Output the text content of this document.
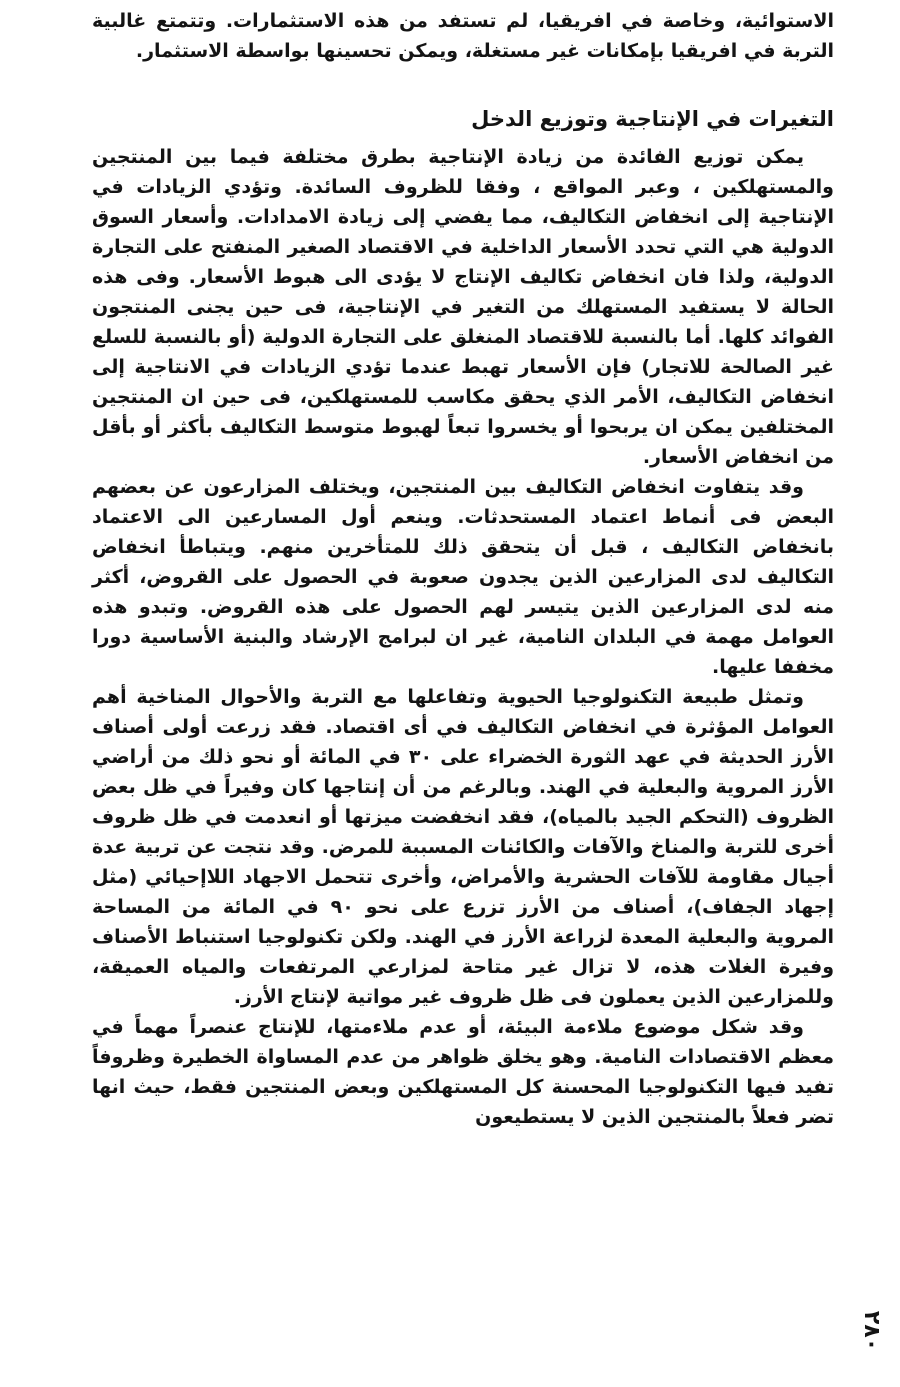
الاستوائية، وخاصة في افريقيا، لم تستفد من هذه الاستثمارات. وتتمتع غالبية التربة في افريقيا بإمكانات غير مستغلة، ويمكن تحسينها بواسطة الاستثمار.

التغيرات في الإنتاجية وتوزيع الدخل

يمكن توزيع الفائدة من زيادة الإنتاجية بطرق مختلفة فيما بين المنتجين والمستهلكين ، وعبر المواقع ، وفقا للظروف السائدة. وتؤدي الزيادات في الإنتاجية إلى انخفاض التكاليف، مما يفضي إلى زيادة الامدادات. وأسعار السوق الدولية هي التي تحدد الأسعار الداخلية في الاقتصاد الصغير المنفتح على التجارة الدولية، ولذا فان انخفاض تكاليف الإنتاج لا يؤدى الى هبوط الأسعار. وفى هذه الحالة لا يستفيد المستهلك من التغير في الإنتاجية، فى حين يجنى المنتجون الفوائد كلها. أما بالنسبة للاقتصاد المنغلق على التجارة الدولية (أو بالنسبة للسلع غير الصالحة للاتجار) فإن الأسعار تهبط عندما تؤدي الزيادات في الانتاجية إلى انخفاض التكاليف، الأمر الذي يحقق مكاسب للمستهلكين، فى حين ان المنتجين المختلفين يمكن ان يربحوا أو يخسروا تبعاً لهبوط متوسط التكاليف بأكثر أو بأقل من انخفاض الأسعار.

وقد يتفاوت انخفاض التكاليف بين المنتجين، ويختلف المزارعون عن بعضهم البعض فى أنماط اعتماد المستحدثات. وينعم أول المسارعين الى الاعتماد بانخفاض التكاليف ، قبل أن يتحقق ذلك للمتأخرين منهم. ويتباطأ انخفاض التكاليف لدى المزارعين الذين يجدون صعوبة في الحصول على القروض، أكثر منه لدى المزارعين الذين يتيسر لهم الحصول على هذه القروض. وتبدو هذه العوامل مهمة في البلدان النامية، غير ان لبرامج الإرشاد والبنية الأساسية دورا مخففا عليها.

وتمثل طبيعة التكنولوجيا الحيوية وتفاعلها مع التربة والأحوال المناخية أهم العوامل المؤثرة في انخفاض التكاليف في أى اقتصاد. فقد زرعت أولى أصناف الأرز الحديثة في عهد الثورة الخضراء على ٣٠ في المائة أو نحو ذلك من أراضي الأرز المروية والبعلية في الهند. وبالرغم من أن إنتاجها كان وفيراً في ظل بعض الظروف (التحكم الجيد بالمياه)، فقد انخفضت ميزتها أو انعدمت في ظل ظروف أخرى للتربة والمناخ والآفات والكائنات المسببة للمرض. وقد نتجت عن تربية عدة أجيال مقاومة للآفات الحشرية والأمراض، وأخرى تتحمل الاجهاد اللاإحيائي (مثل إجهاد الجفاف)، أصناف من الأرز تزرع على نحو ٩٠ في المائة من المساحة المروية والبعلية المعدة لزراعة الأرز في الهند. ولكن تكنولوجيا استنباط الأصناف وفيرة الغلات هذه، لا تزال غير متاحة لمزارعي المرتفعات والمياه العميقة، وللمزارعين الذين يعملون فى ظل ظروف غير مواتية لإنتاج الأرز.

وقد شكل موضوع ملاءمة البيئة، أو عدم ملاءمتها، للإنتاج عنصراً مهماً في معظم الاقتصادات النامية. وهو يخلق ظواهر من عدم المساواة الخطيرة وظروفاً تفيد فيها التكنولوجيا المحسنة كل المستهلكين وبعض المنتجين فقط، حيث انها تضر فعلاً بالمنتجين الذين لا يستطيعون

٢٨٠
